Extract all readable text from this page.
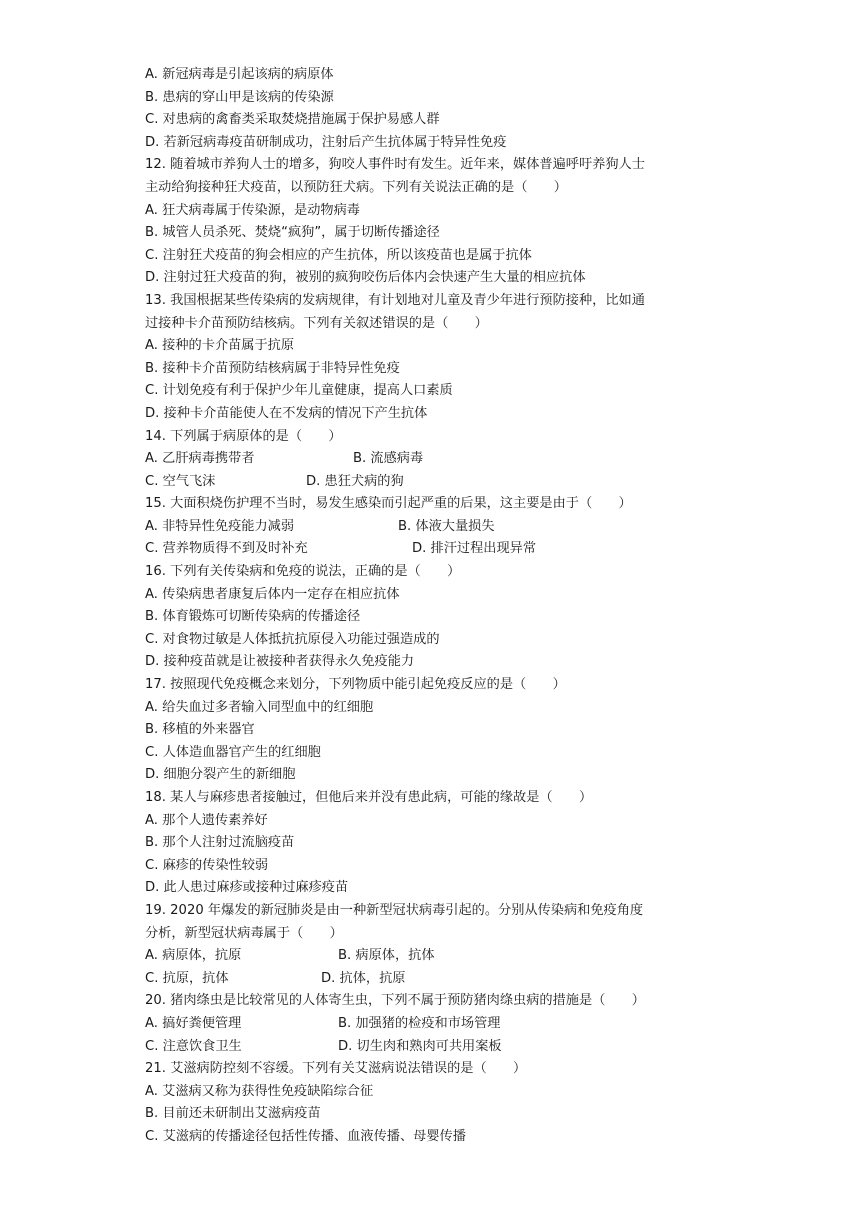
A. 新冠病毒是引起该病的病原体
B. 患病的穿山甲是该病的传染源
C. 对患病的禽畜类采取焚烧措施属于保护易感人群
D. 若新冠病毒疫苗研制成功，注射后产生抗体属于特异性免疫
12. 随着城市养狗人士的增多，狗咬人事件时有发生。近年来，媒体普遍呼吁养狗人士
主动给狗接种狂犬疫苗，以预防狂犬病。下列有关说法正确的是（　　）
A. 狂犬病毒属于传染源，是动物病毒
B. 城管人员杀死、焚烧“疯狗”，属于切断传播途径
C. 注射狂犬疫苗的狗会相应的产生抗体，所以该疫苗也是属于抗体
D. 注射过狂犬疫苗的狗，被别的疯狗咬伤后体内会快速产生大量的相应抗体
13. 我国根据某些传染病的发病规律，有计划地对儿童及青少年进行预防接种，比如通
过接种卡介苗预防结核病。下列有关叙述错误的是（　　）
A. 接种的卡介苗属于抗原
B. 接种卡介苗预防结核病属于非特异性免疫
C. 计划免疫有利于保护少年儿童健康，提高人口素质
D. 接种卡介苗能使人在不发病的情况下产生抗体
14. 下列属于病原体的是（　　）
A. 乙肝病毒携带者	B. 流感病毒
C. 空气飞沫	D. 患狂犬病的狗
15. 大面积烧伤护理不当时，易发生感染而引起严重的后果，这主要是由于（　　）
A. 非特异性免疫能力减弱	B. 体液大量损失
C. 营养物质得不到及时补充	D. 排汗过程出现异常
16. 下列有关传染病和免疫的说法，正确的是（　　）
A. 传染病患者康复后体内一定存在相应抗体
B. 体育锻炼可切断传染病的传播途径
C. 对食物过敏是人体抵抗抗原侵入功能过强造成的
D. 接种疫苗就是让被接种者获得永久免疫能力
17. 按照现代免疫概念来划分，下列物质中能引起免疫反应的是（　　）
A. 给失血过多者输入同型血中的红细胞
B. 移植的外来器官
C. 人体造血器官产生的红细胞
D. 细胞分裂产生的新细胞
18. 某人与麻疹患者接触过，但他后来并没有患此病，可能的缘故是（　　）
A. 那个人遗传素养好
B. 那个人注射过流脑疫苗
C. 麻疹的传染性较弱
D. 此人患过麻疹或接种过麻疹疫苗
19. 2020 年爆发的新冠肺炎是由一种新型冠状病毒引起的。分别从传染病和免疫角度
分析，新型冠状病毒属于（　　）
A. 病原体，抗原	B. 病原体，抗体
C. 抗原，抗体	D. 抗体，抗原
20. 猪肉绦虫是比较常见的人体寄生虫，下列不属于预防猪肉绦虫病的措施是（　　）
A. 搞好粪便管理	B. 加强猪的检疫和市场管理
C. 注意饮食卫生	D. 切生肉和熟肉可共用案板
21. 艾滋病防控刻不容缓。下列有关艾滋病说法错误的是（　　）
A. 艾滋病又称为获得性免疫缺陷综合征
B. 目前还未研制出艾滋病疫苗
C. 艾滋病的传播途径包括性传播、血液传播、母婴传播
